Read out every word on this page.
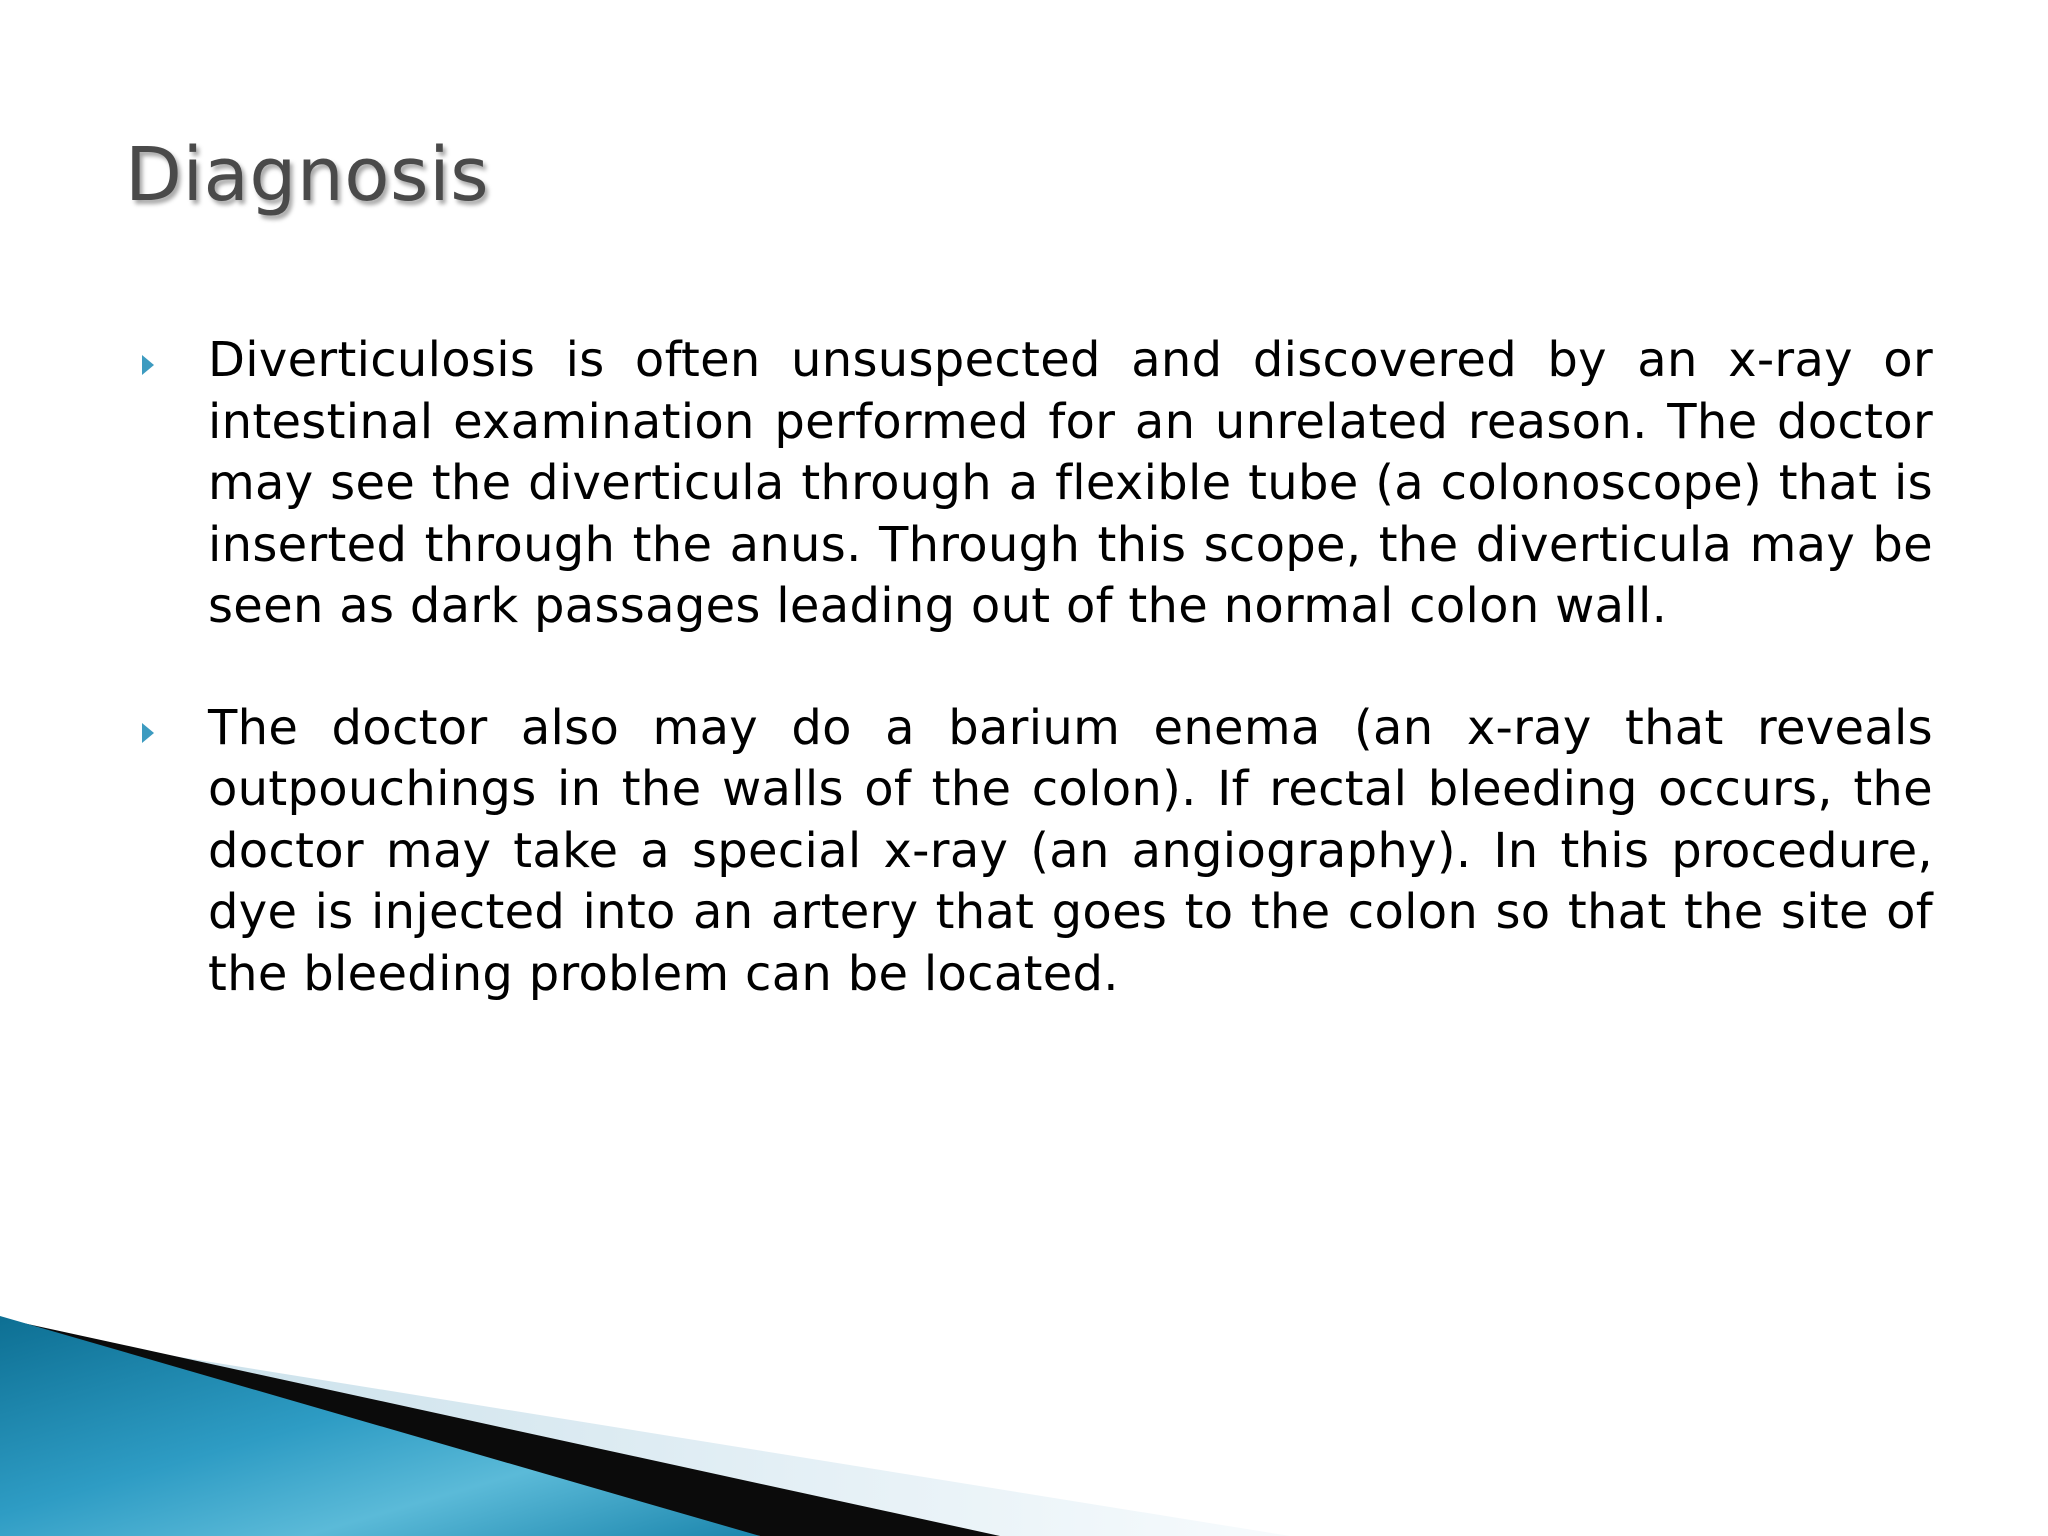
Diagnosis
Diverticulosis is often unsuspected and discovered by an x-ray or intestinal examination performed for an unrelated reason. The doctor may see the diverticula through a flexible tube (a colonoscope) that is inserted through the anus. Through this scope, the diverticula may be seen as dark passages leading out of the normal colon wall.
The doctor also may do a barium enema (an x-ray that reveals outpouchings in the walls of the colon). If rectal bleeding occurs, the doctor may take a special x-ray (an angiography). In this procedure, dye is injected into an artery that goes to the colon so that the site of the bleeding problem can be located.
